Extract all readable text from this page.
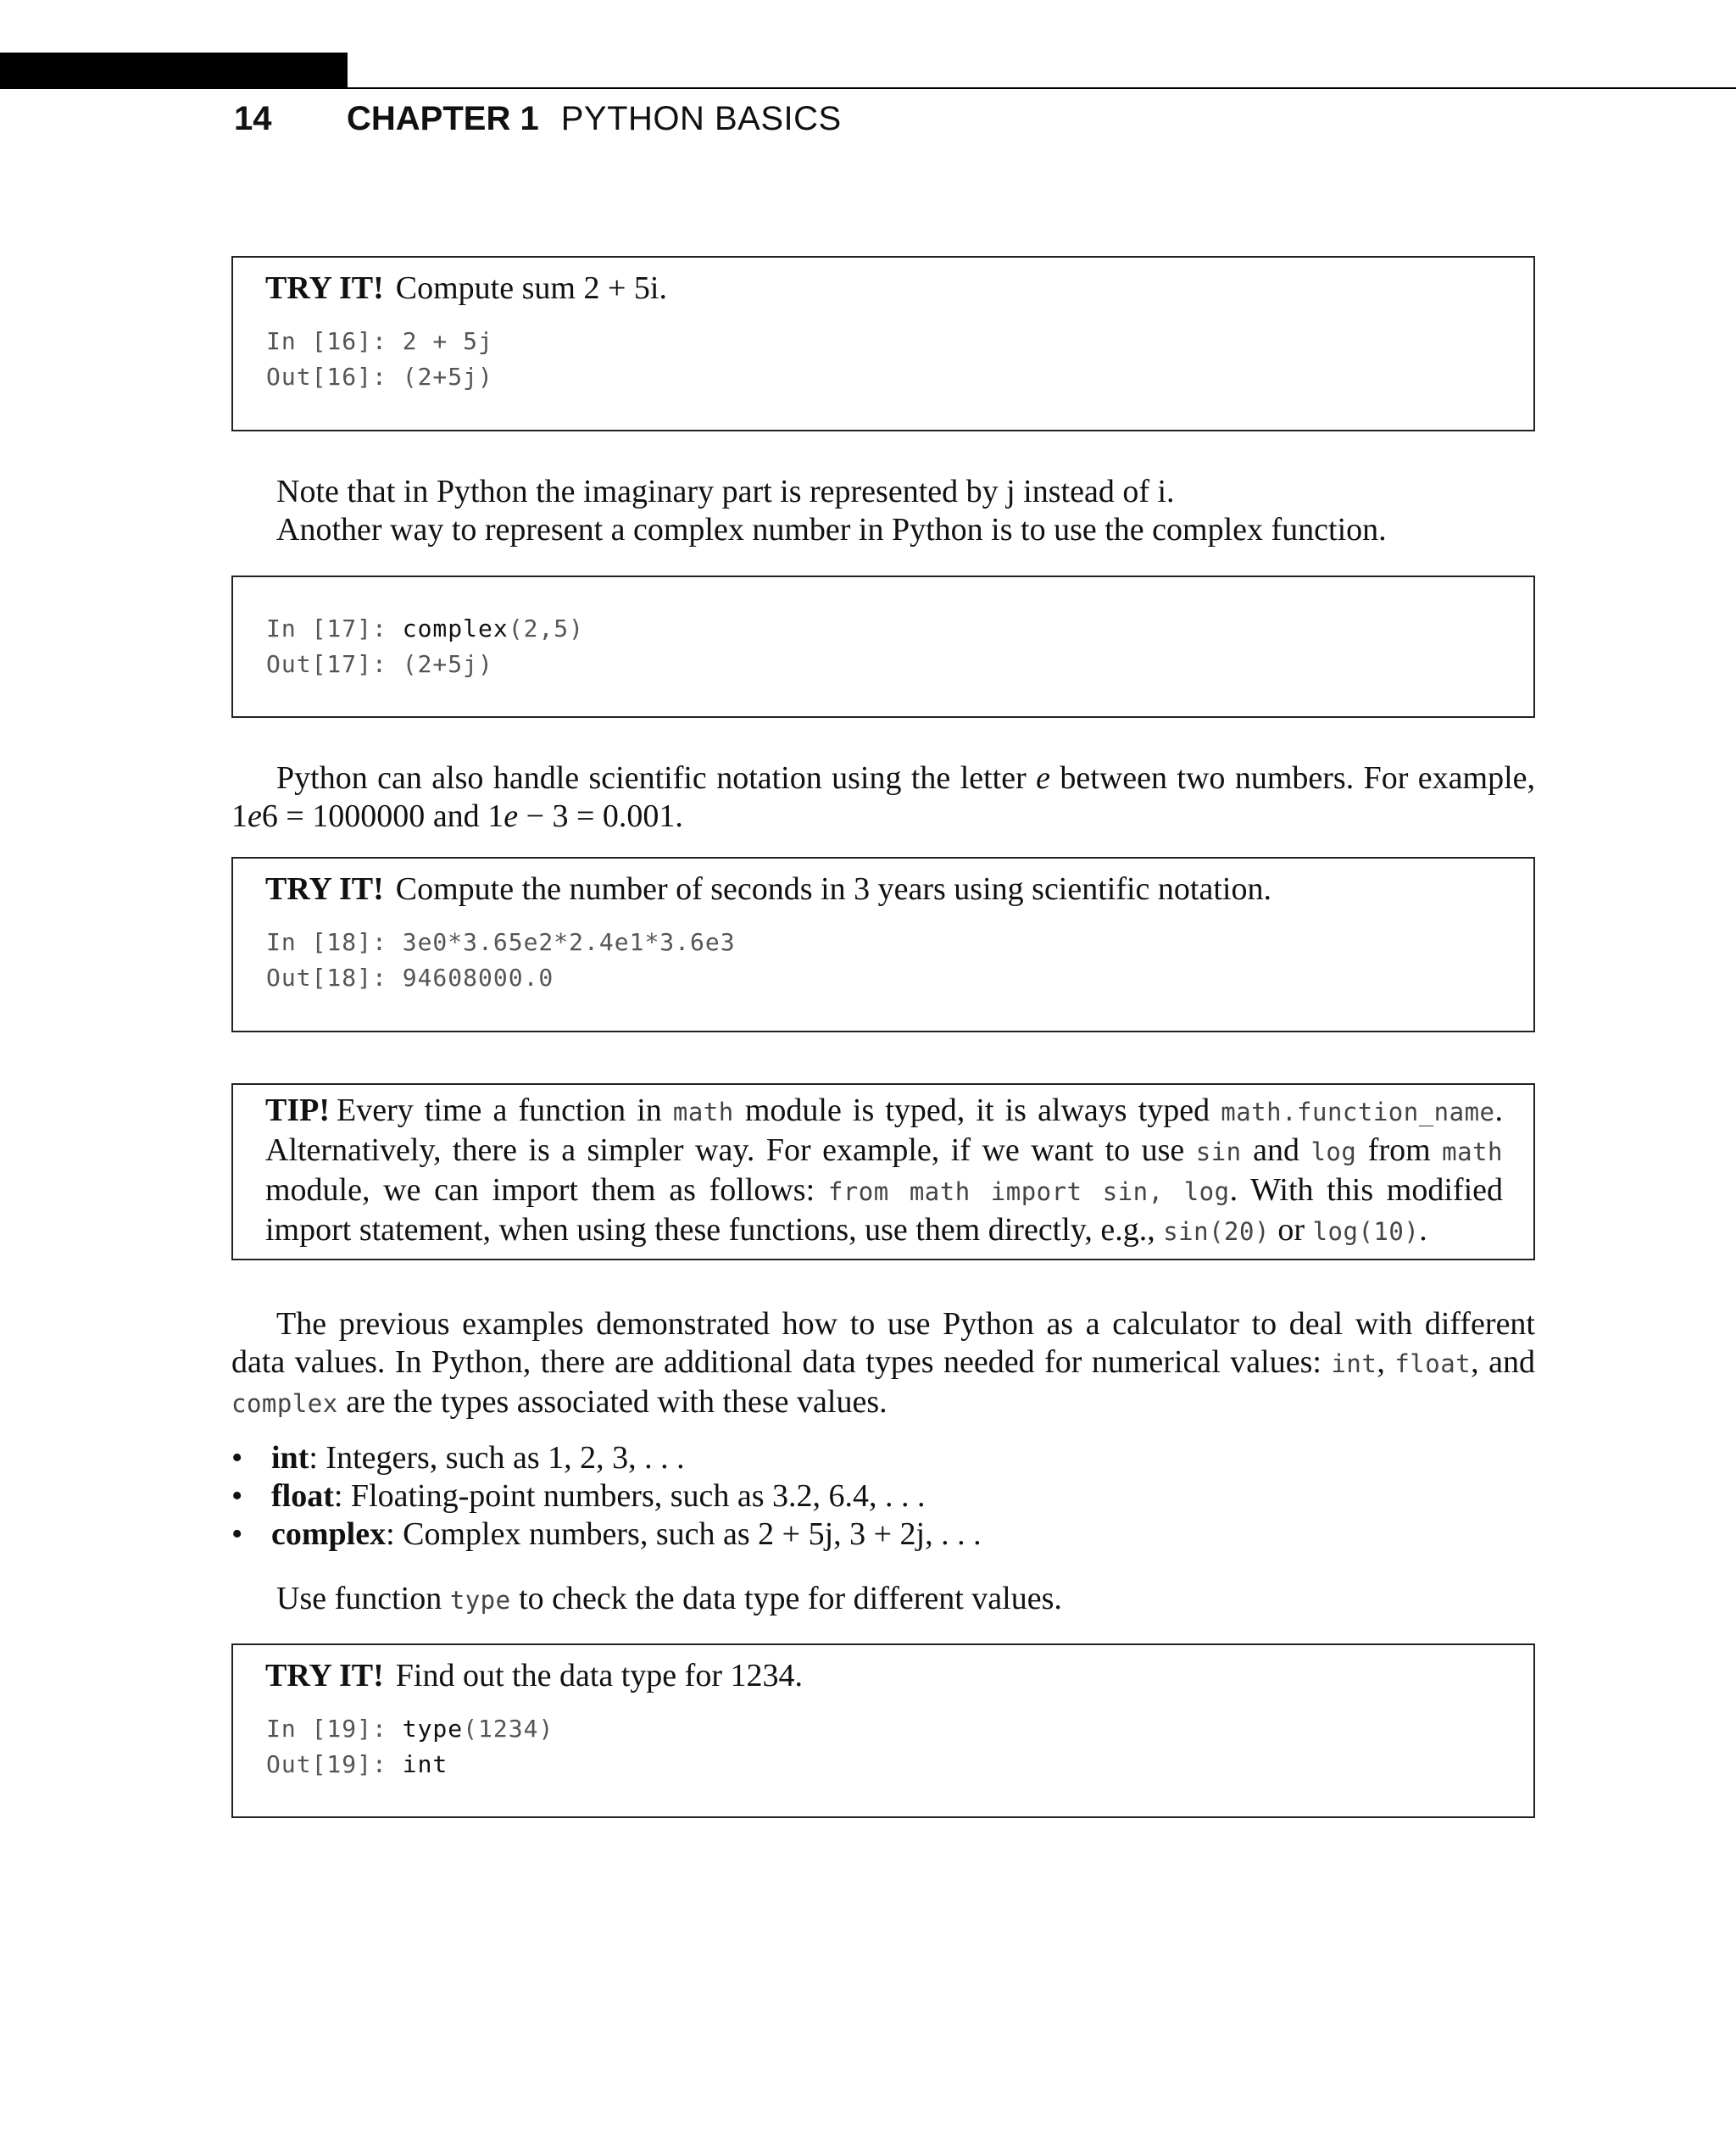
14	CHAPTER 1 PYTHON BASICS
TRY IT! Compute sum 2 + 5i.
In [16]: 2 + 5j
Out[16]: (2+5j)
Note that in Python the imaginary part is represented by j instead of i.
Another way to represent a complex number in Python is to use the complex function.
In [17]: complex(2,5)
Out[17]: (2+5j)
Python can also handle scientific notation using the letter e between two numbers. For example, 1e6 = 1000000 and 1e − 3 = 0.001.
TRY IT! Compute the number of seconds in 3 years using scientific notation.
In [18]: 3e0*3.65e2*2.4e1*3.6e3
Out[18]: 94608000.0
TIP! Every time a function in math module is typed, it is always typed math.function_name. Alternatively, there is a simpler way. For example, if we want to use sin and log from math module, we can import them as follows: from math import sin, log. With this modified import statement, when using these functions, use them directly, e.g., sin(20) or log(10).
The previous examples demonstrated how to use Python as a calculator to deal with different data values. In Python, there are additional data types needed for numerical values: int, float, and complex are the types associated with these values.
• int : Integers, such as 1, 2, 3, . . .
• float : Floating-point numbers, such as 3.2, 6.4, . . .
• complex : Complex numbers, such as 2 + 5j, 3 + 2j, . . .
Use function type to check the data type for different values.
TRY IT! Find out the data type for 1234.
In [19]: type(1234)
Out[19]: int
